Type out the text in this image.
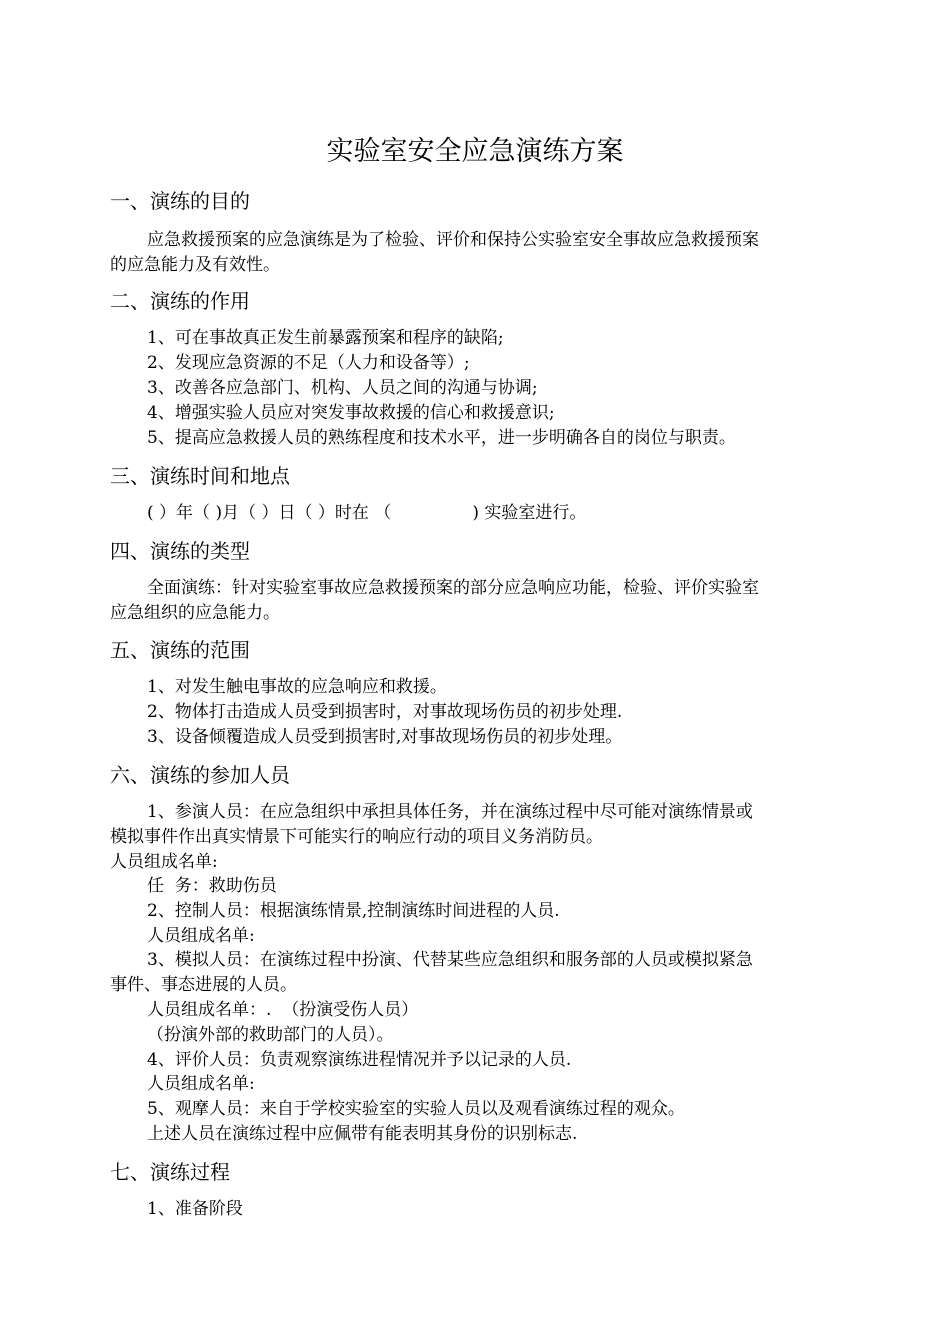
实验室安全应急演练方案
一、演练的目的
应急救援预案的应急演练是为了检验、评价和保持公实验室安全事故应急救援预案
的应急能力及有效性。
二、演练的作用
1、可在事故真正发生前暴露预案和程序的缺陷;
2、发现应急资源的不足（人力和设备等）;
3、改善各应急部门、机构、人员之间的沟通与协调;
4、增强实验人员应对突发事故救援的信心和救援意识;
5、提高应急救援人员的熟练程度和技术水平，进一步明确各自的岗位与职责。
三、演练时间和地点
( ）年（ )月（ ）日（ ）时在 （               ) 实验室进行。
四、演练的类型
全面演练：针对实验室事故应急救援预案的部分应急响应功能，检验、评价实验室
应急组织的应急能力。
五、演练的范围
1、对发生触电事故的应急响应和救援。
2、物体打击造成人员受到损害时，对事故现场伤员的初步处理.
3、设备倾覆造成人员受到损害时,对事故现场伤员的初步处理。
六、演练的参加人员
1、参演人员：在应急组织中承担具体任务，并在演练过程中尽可能对演练情景或
模拟事件作出真实情景下可能实行的响应行动的项目义务消防员。
人员组成名单:
任  务：救助伤员
2、控制人员：根据演练情景,控制演练时间进程的人员.
人员组成名单:
3、模拟人员：在演练过程中扮演、代替某些应急组织和服务部的人员或模拟紧急
事件、事态进展的人员。
人员组成名单：.  （扮演受伤人员）
（扮演外部的救助部门的人员）。
4、评价人员：负责观察演练进程情况并予以记录的人员.
人员组成名单:
5、观摩人员：来自于学校实验室的实验人员以及观看演练过程的观众。
上述人员在演练过程中应佩带有能表明其身份的识别标志.
七、演练过程
1、准备阶段
